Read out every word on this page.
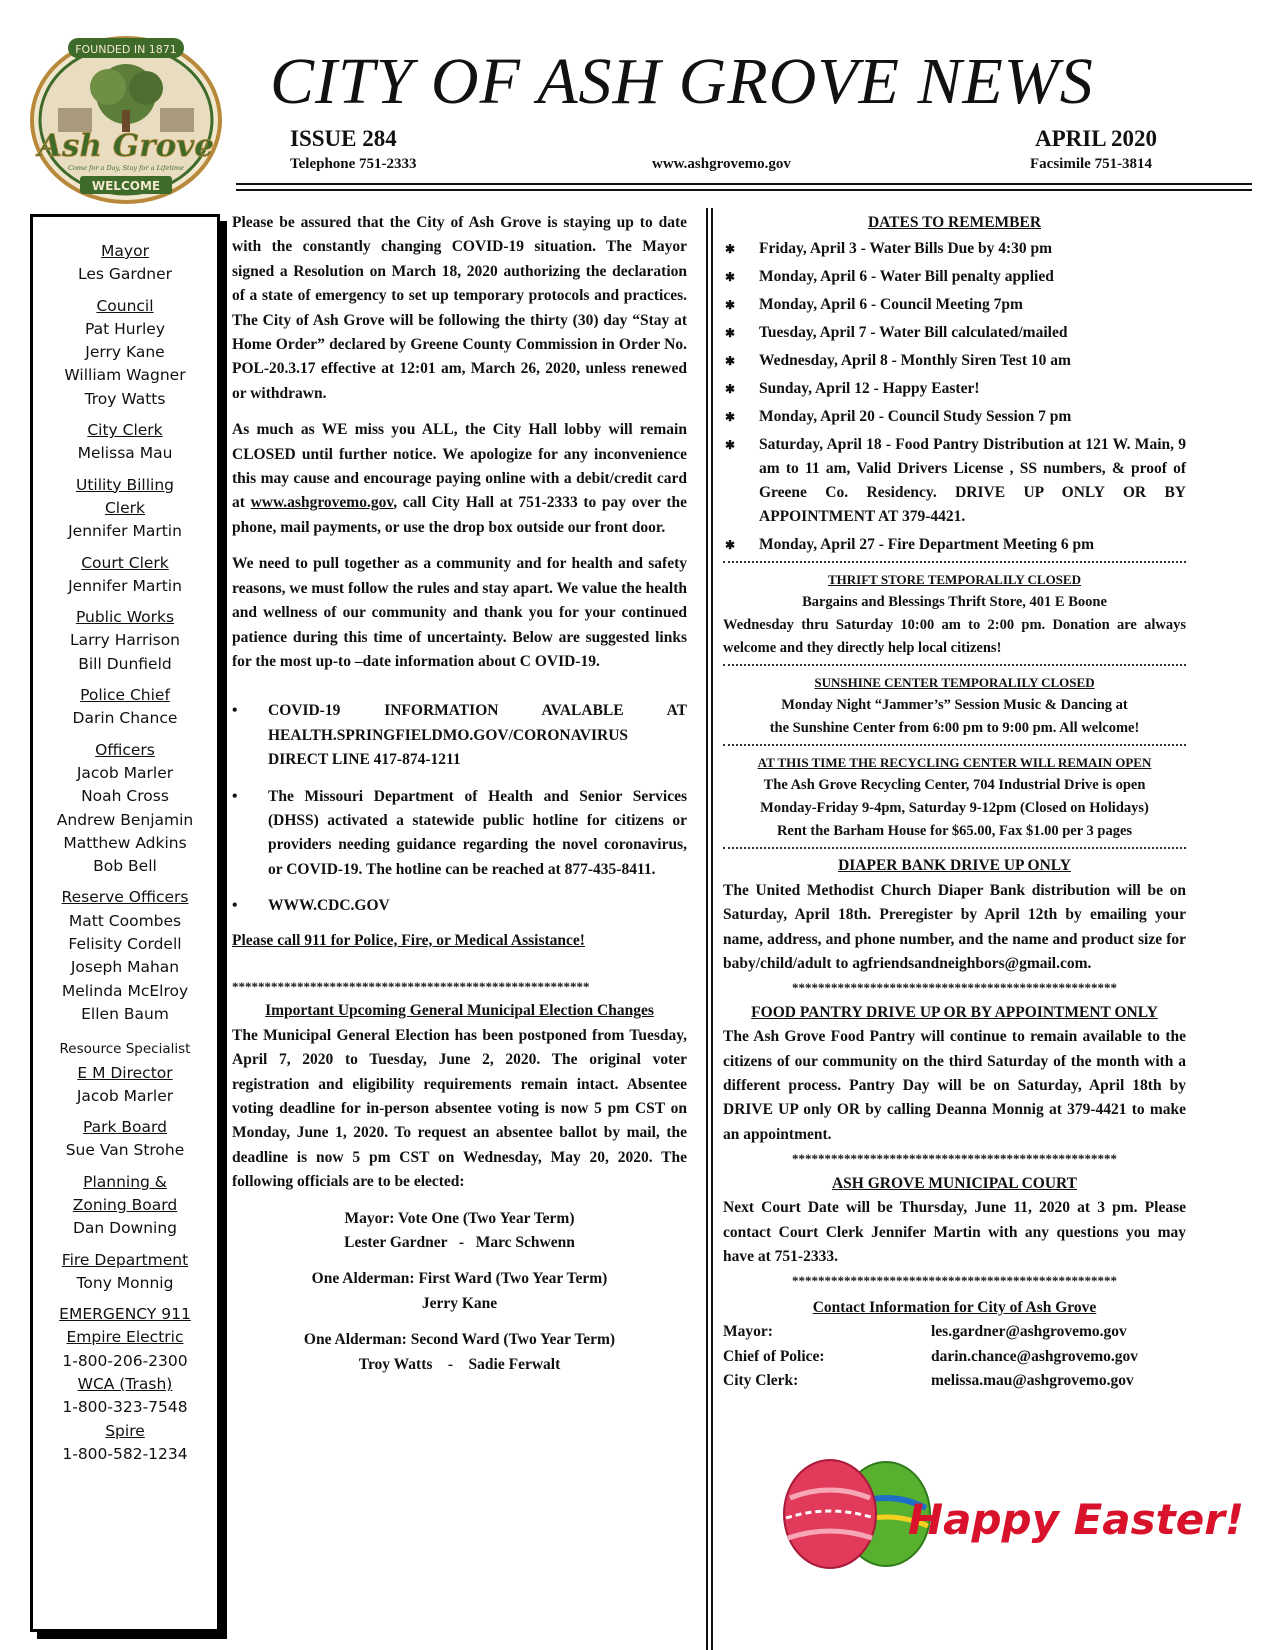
FOUNDED IN 1871
Ash Grove
Come for a Day, Stay for a Lifetime
WELCOME
CITY OF ASH GROVE NEWS
ISSUE 284	APRIL 2020
Telephone 751-2333	www.ashgrovemo.gov	Facsimile 751-3814
Mayor
Les Gardner
Council
Pat Hurley
Jerry Kane
William Wagner
Troy Watts
City Clerk
Melissa Mau
Utility Billing
Clerk
Jennifer Martin
Court Clerk
Jennifer Martin
Public Works
Larry Harrison
Bill Dunfield
Police Chief
Darin Chance
Officers
Jacob Marler
Noah Cross
Andrew Benjamin
Matthew Adkins
Bob Bell
Reserve Officers
Matt Coombes
Felisity Cordell
Joseph Mahan
Melinda McElroy
Ellen Baum
Resource Specialist
E M Director
Jacob Marler
Park Board
Sue Van Strohe
Planning &
Zoning Board
Dan Downing
Fire Department
Tony Monnig
EMERGENCY 911
Empire Electric
1-800-206-2300
WCA (Trash)
1-800-323-7548
Spire
1-800-582-1234

Please be assured that the City of Ash Grove is staying up to date with the constantly changing COVID-19 situation. The Mayor signed a Resolution on March 18, 2020 authorizing the declaration of a state of emergency to set up temporary protocols and practices. The City of Ash Grove will be following the thirty (30) day “Stay at Home Order” declared by Greene County Commission in Order No. POL-20.3.17 effective at 12:01 am, March 26, 2020, unless renewed or withdrawn.

As much as WE miss you ALL, the City Hall lobby will remain CLOSED until further notice. We apologize for any inconvenience this may cause and encourage paying online with a debit/credit card at www.ashgrovemo.gov, call City Hall at 751-2333 to pay over the phone, mail payments, or use the drop box outside our front door.

We need to pull together as a community and for health and safety reasons, we must follow the rules and stay apart. We value the health and wellness of our community and thank you for your continued patience during this time of uncertainty. Below are suggested links for the most up-to –date information about C OVID-19.

• COVID-19 INFORMATION AVALABLE AT HEALTH.SPRINGFIELDMO.GOV/CORONAVIRUS DIRECT LINE 417-874-1211
• The Missouri Department of Health and Senior Services (DHSS) activated a statewide public hotline for citizens or providers needing guidance regarding the novel coronavirus, or COVID-19. The hotline can be reached at 877-435-8411.
• WWW.CDC.GOV

Please call 911 for Police, Fire, or Medical Assistance!

*******************************************************
Important Upcoming General Municipal Election Changes

The Municipal General Election has been postponed from Tuesday, April 7, 2020 to Tuesday, June 2, 2020. The original voter registration and eligibility requirements remain intact. Absentee voting deadline for in-person absentee voting is now 5 pm CST on Monday, June 1, 2020. To request an absentee ballot by mail, the deadline is now 5 pm CST on Wednesday, May 20, 2020. The following officials are to be elected:

Mayor: Vote One (Two Year Term)
Lester Gardner   -   Marc Schwenn
One Alderman: First Ward (Two Year Term)
Jerry Kane
One Alderman: Second Ward (Two Year Term)
Troy Watts    -    Sadie Ferwalt
DATES TO REMEMBER
✱ Friday, April 3 - Water Bills Due by 4:30 pm
✱ Monday, April 6 - Water Bill penalty applied
✱ Monday, April 6 - Council Meeting 7pm
✱ Tuesday, April 7 - Water Bill calculated/mailed
✱ Wednesday, April 8 - Monthly Siren Test 10 am
✱ Sunday, April 12 - Happy Easter!
✱ Monday, April 20 - Council Study Session 7 pm
✱ Saturday, April 18 - Food Pantry Distribution at 121 W. Main, 9 am to 11 am, Valid Drivers License , SS numbers, & proof of Greene Co. Residency. DRIVE UP ONLY OR BY APPOINTMENT AT 379-4421.
✱ Monday, April 27 - Fire Department Meeting 6 pm
THRIFT STORE TEMPORALILY CLOSED
Bargains and Blessings Thrift Store, 401 E Boone
Wednesday thru Saturday 10:00 am to 2:00 pm. Donation are always welcome and they directly help local citizens!
SUNSHINE CENTER TEMPORALILY CLOSED
Monday Night “Jammer’s” Session Music & Dancing at
the Sunshine Center from 6:00 pm to 9:00 pm. All welcome!
AT THIS TIME THE RECYCLING CENTER WILL REMAIN OPEN
The Ash Grove Recycling Center, 704 Industrial Drive is open
Monday-Friday 9-4pm, Saturday 9-12pm (Closed on Holidays)
Rent the Barham House for $65.00, Fax $1.00 per 3 pages
DIAPER BANK DRIVE UP ONLY
The United Methodist Church Diaper Bank distribution will be on Saturday, April 18th. Preregister by April 12th by emailing your name, address, and phone number, and the name and product size for baby/child/adult to agfriendsandneighbors@gmail.com.
**************************************************
FOOD PANTRY DRIVE UP OR BY APPOINTMENT ONLY
The Ash Grove Food Pantry will continue to remain available to the citizens of our community on the third Saturday of the month with a different process. Pantry Day will be on Saturday, April 18th by DRIVE UP only OR by calling Deanna Monnig at 379-4421 to make an appointment.
**************************************************
ASH GROVE MUNICIPAL COURT
Next Court Date will be Thursday, June 11, 2020 at 3 pm. Please contact Court Clerk Jennifer Martin with any questions you may have at 751-2333.
**************************************************
Contact Information for City of Ash Grove
Mayor:	les.gardner@ashgrovemo.gov
Chief of Police:	darin.chance@ashgrovemo.gov
City Clerk:	melissa.mau@ashgrovemo.gov
Happy Easter!
